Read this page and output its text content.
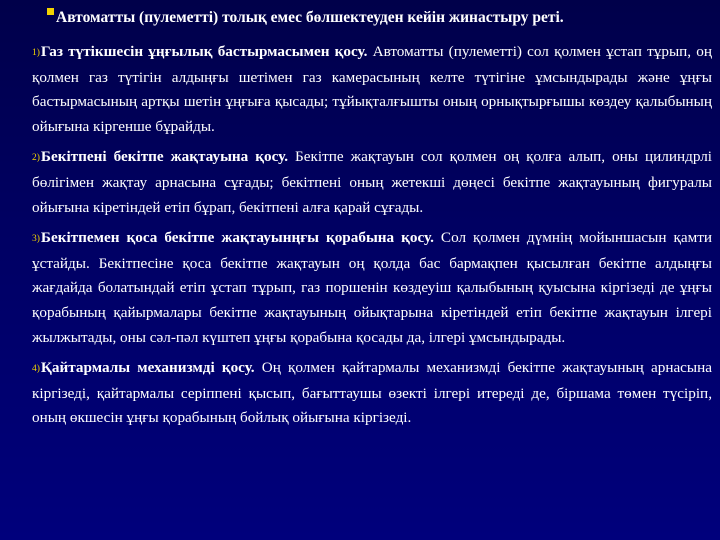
Автоматты (пулеметті) толық емес бөлшектеуден кейін жинастыру реті.

1)Газ түтікшесін ұңғылық бастырмасымен қосу. Автоматты (пулеметті) сол қолмен ұстап тұрып, оң қолмен газ түтігін алдыңғы шетімен газ камерасының келте түтігіне ұмсындырады және ұңғы бастырмасының артқы шетін ұңғыға қысады; тұйықталғышты оның орнықтырғышы көздеу қалыбының ойығына кіргенше бұрайды.

2)Бекітпені бекітпе жақтауына қосу. Бекітпе жақтауын сол қолмен оң қолға алып, оны цилиндрлі бөлігімен жақтау арнасына сұғады; бекітпені оның жетекші дөңесі бекітпе жақтауының фигуралы ойығына кіретіндей етіп бұрап, бекітпені алға қарай сұғады.

3)Бекітпемен қоса бекітпе жақтауынңғы қорабына қосу. Сол қолмен дүмнің мойыншасын қамти ұстайды. Бекітпесіне қоса бекітпе жақтауын оң қолда бас бармақпен қысылған бекітпе алдыңғы жағдайда болатындай етіп ұстап тұрып, газ поршенін көздеуіш қалыбының қуысына кіргізеді де ұңғы қорабының қайырмалары бекітпе жақтауының ойықтарына кіретіндей етіп бекітпе жақтауын ілгері жылжытады, оны сәл-пәл күштеп ұңғы қорабына қосады да, ілгері ұмсындырады.

4)Қайтармалы механизмді қосу. Оң қолмен қайтармалы механизмді бекітпе жақтауының арнасына кіргізеді, қайтармалы серіппені қысып, бағыттаушы өзекті ілгері итереді де, біршама төмен түсіріп, оның өкшесін ұңғы қорабының бойлық ойығына кіргізеді.
